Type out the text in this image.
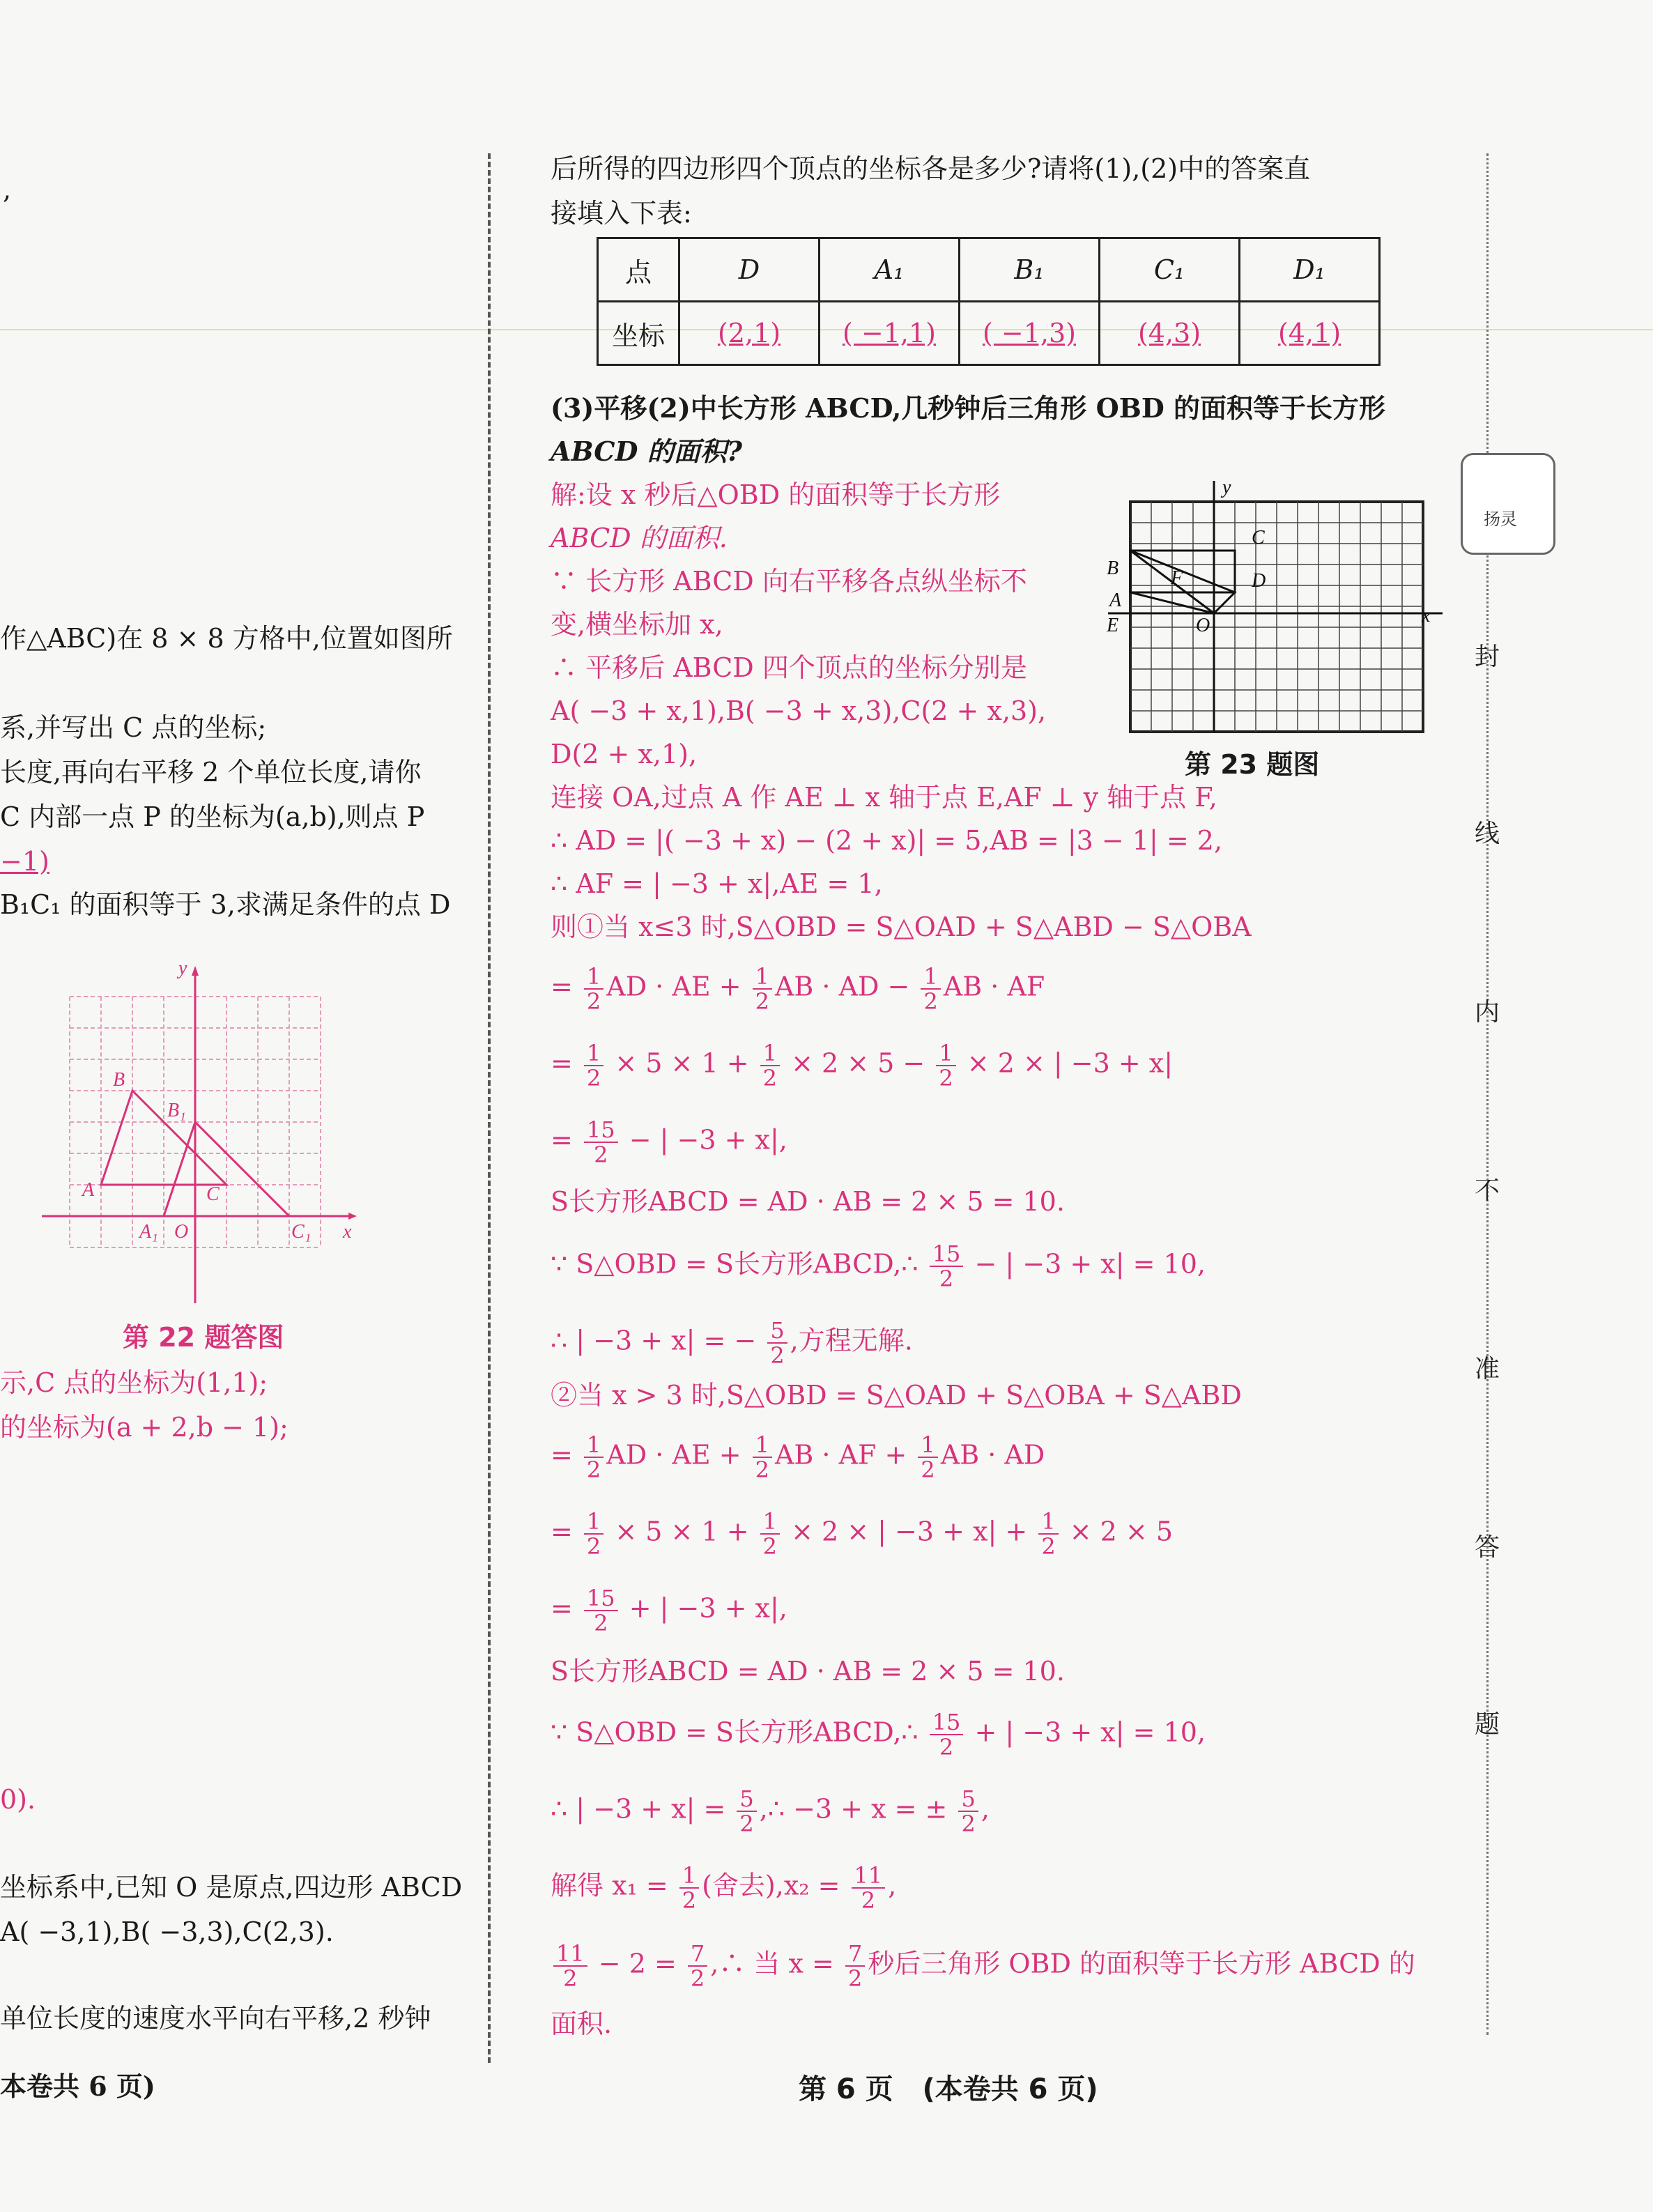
,
作△ABC)在 8 × 8 方格中,位置如图所
系,并写出 C 点的坐标;
长度,再向右平移 2 个单位长度,请你
C 内部一点 P 的坐标为(a,b),则点 P
−1)
B₁C₁ 的面积等于 3,求满足条件的点 D
y
B
B₁
A	C
A₁ O	C₁ x
第 22 题答图
示,C 点的坐标为(1,1);
的坐标为(a + 2,b − 1);
0).
坐标系中,已知 O 是原点,四边形 ABCD
A( −3,1),B( −3,3),C(2,3).
单位长度的速度水平向右平移,2 秒钟
本卷共 6 页)
后所得的四边形四个顶点的坐标各是多少?请将(1),(2)中的答案直
接填入下表:
点	D	A₁	B₁	C₁	D₁
坐标	(2,1)	( −1,1)	( −1,3)	(4,3)	(4,1)
(3)平移(2)中长方形 ABCD,几秒钟后三角形 OBD 的面积等于长方形
ABCD 的面积?
y
C
B	F	D
A
E	O	x
第 23 题图
解:设 x 秒后△OBD 的面积等于长方形
ABCD 的面积.
∵ 长方形 ABCD 向右平移各点纵坐标不
变,横坐标加 x,
∴ 平移后 ABCD 四个顶点的坐标分别是
A( −3 + x,1),B( −3 + x,3),C(2 + x,3),
D(2 + x,1),
连接 OA,过点 A 作 AE ⊥ x 轴于点 E,AF ⊥ y 轴于点 F,
∴ AD = |( −3 + x) − (2 + x)| = 5,AB = |3 − 1| = 2,
∴ AF = | −3 + x|,AE = 1,
则①当 x≤3 时,S△OBD = S△OAD + S△ABD − S△OBA
= $\frac{1}{2}$ AD · AE + $\frac{1}{2}$ AB · AD − $\frac{1}{2}$ AB · AF
= $\frac{1}{2} \times 5 \times 1 + \frac{1}{2} \times 2 \times 5 - \frac{1}{2} \times 2$ × | −3 + x|
= $\frac{15}{2}$ − | −3 + x|,
S长方形ABCD = AD · AB = 2 × 5 = 10.
∵ S△OBD = S长方形ABCD,∴ $\frac{15}{2}$ − | −3 + x| = 10,
∴ | −3 + x| = − $\frac{5}{2}$ ,方程无解.
②当 x > 3 时,S△OBD = S△OAD + S△OBA + S△ABD
= $\frac{1}{2}$ AD · AE + $\frac{1}{2}$ AB · AF + $\frac{1}{2}$ AB · AD
= $\frac{1}{2} \times 5 \times 1 + \frac{1}{2} \times 2$ × | $-3 + x| + \frac{1}{2} \times 2 \times 5$
= $\frac{15}{2}$ + | −3 + x|,
S长方形ABCD = AD · AB = 2 × 5 = 10.
∵ S△OBD = S长方形ABCD,∴ $\frac{15}{2}$ + | −3 + x| = 10,
∴ | $-3 + x| = \frac{5}{2}$ ,∴ −3 + x = ± $\frac{5}{2}$ ,
解得 $x_1 = \frac{1}{2}$ (舍去)$,x_2 = \frac{11}{2}$ ,
$\frac{11}{2} - 2 = \frac{7}{2}$ ,∴ 当 $x = \frac{7}{2}$ 秒后三角形 OBD 的面积等于长方形 ABCD 的
面积.
第 6 页 (本卷共 6 页)
扬灵
封
线
内
不
准
答
题
